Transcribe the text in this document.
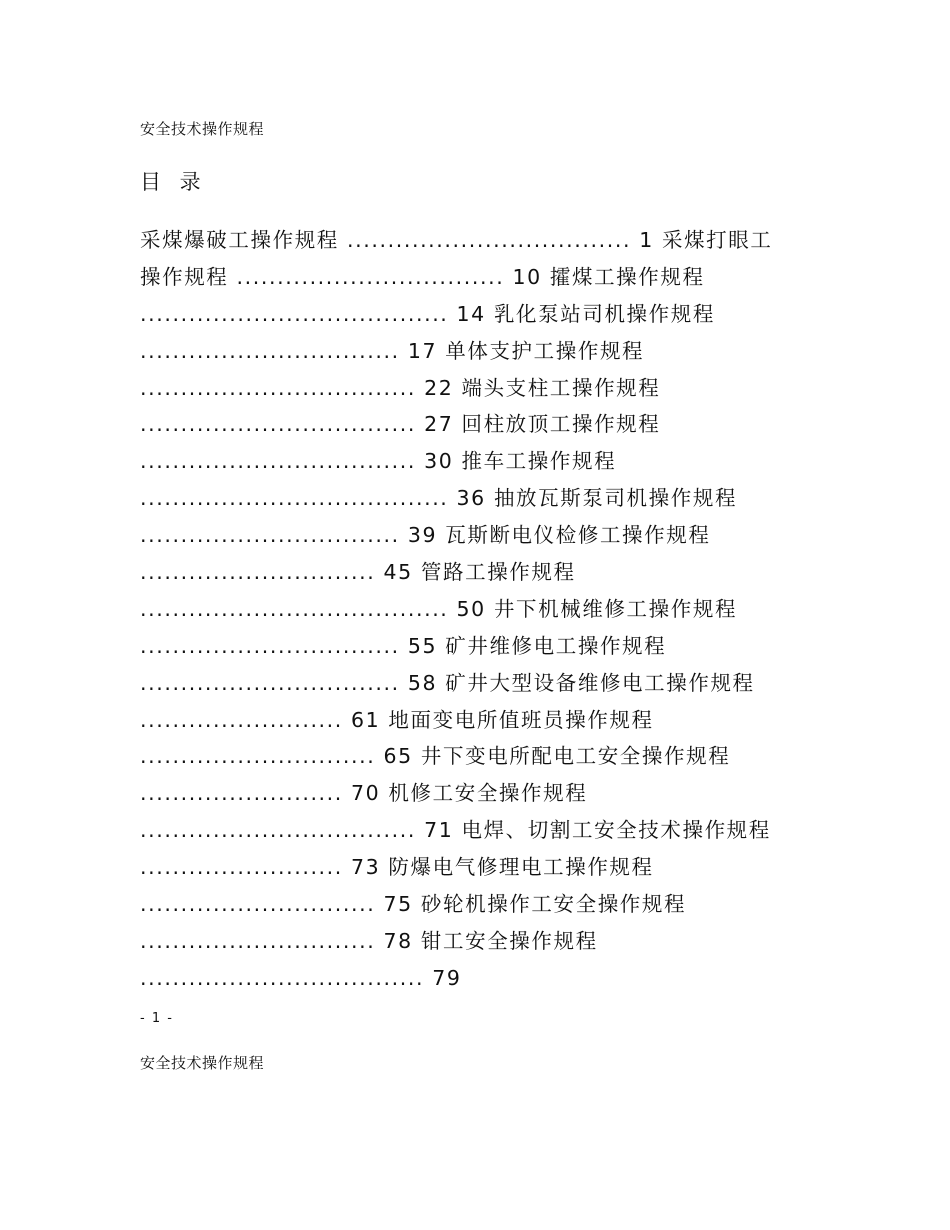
安全技术操作规程
目 录
采煤爆破工操作规程 ................................... 1 采煤打眼工
操作规程 ................................. 10 攉煤工操作规程
...................................... 14 乳化泵站司机操作规程
................................ 17 单体支护工操作规程
.................................. 22 端头支柱工操作规程
.................................. 27 回柱放顶工操作规程
.................................. 30 推车工操作规程
...................................... 36 抽放瓦斯泵司机操作规程
................................ 39 瓦斯断电仪检修工操作规程
............................. 45 管路工操作规程
...................................... 50 井下机械维修工操作规程
................................ 55 矿井维修电工操作规程
................................ 58 矿井大型设备维修电工操作规程
......................... 61 地面变电所值班员操作规程
............................. 65 井下变电所配电工安全操作规程
......................... 70 机修工安全操作规程
.................................. 71 电焊、切割工安全技术操作规程
......................... 73 防爆电气修理电工操作规程
............................. 75 砂轮机操作工安全操作规程
............................. 78 钳工安全操作规程
................................... 79
- 1 -
安全技术操作规程
